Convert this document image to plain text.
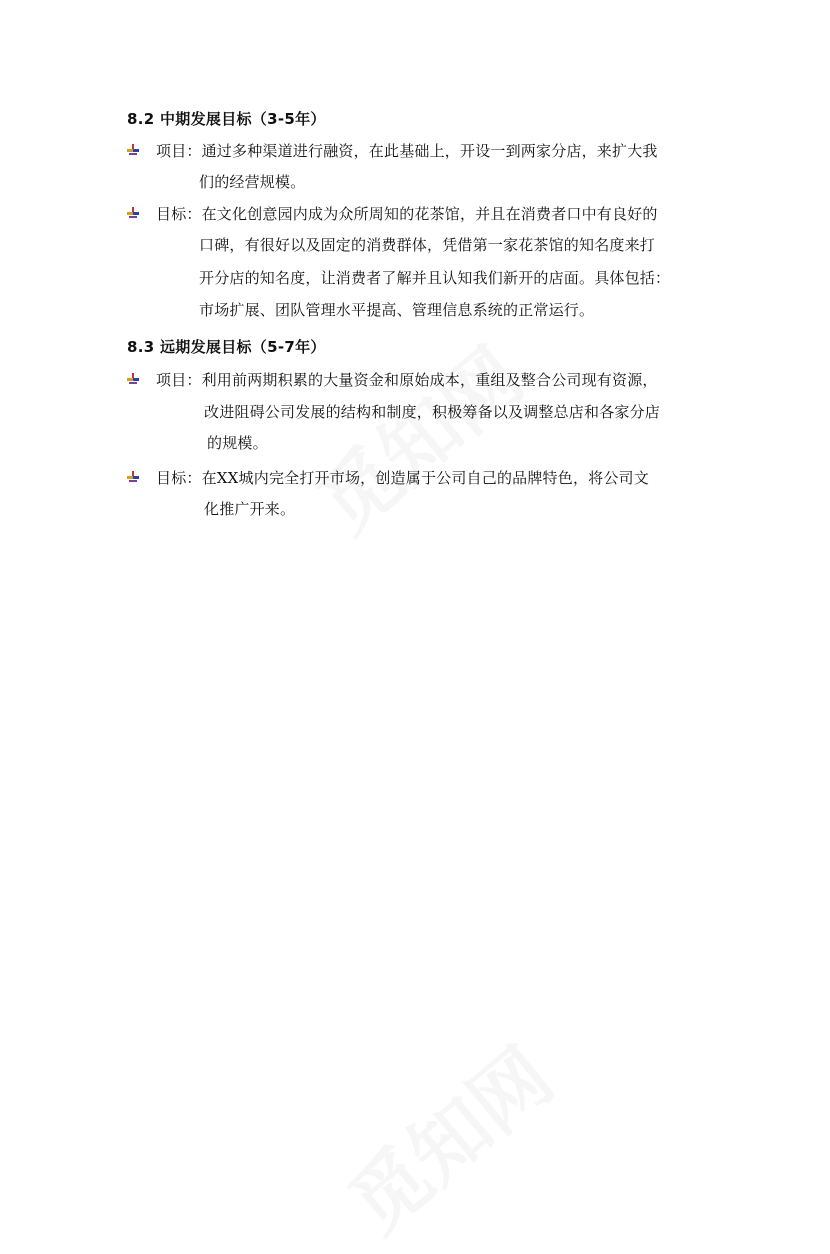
8.2 中期发展目标（3-5年）
项目：通过多种渠道进行融资，在此基础上，开设一到两家分店，来扩大我
们的经营规模。
目标：在文化创意园内成为众所周知的花茶馆，并且在消费者口中有良好的
口碑，有很好以及固定的消费群体，凭借第一家花茶馆的知名度来打
开分店的知名度，让消费者了解并且认知我们新开的店面。具体包括：
市场扩展、团队管理水平提高、管理信息系统的正常运行。
8.3 远期发展目标（5-7年）
项目：利用前两期积累的大量资金和原始成本，重组及整合公司现有资源，
改进阻碍公司发展的结构和制度，积极筹备以及调整总店和各家分店
的规模。
目标：在XX城内完全打开市场，创造属于公司自己的品牌特色，将公司文
化推广开来。
